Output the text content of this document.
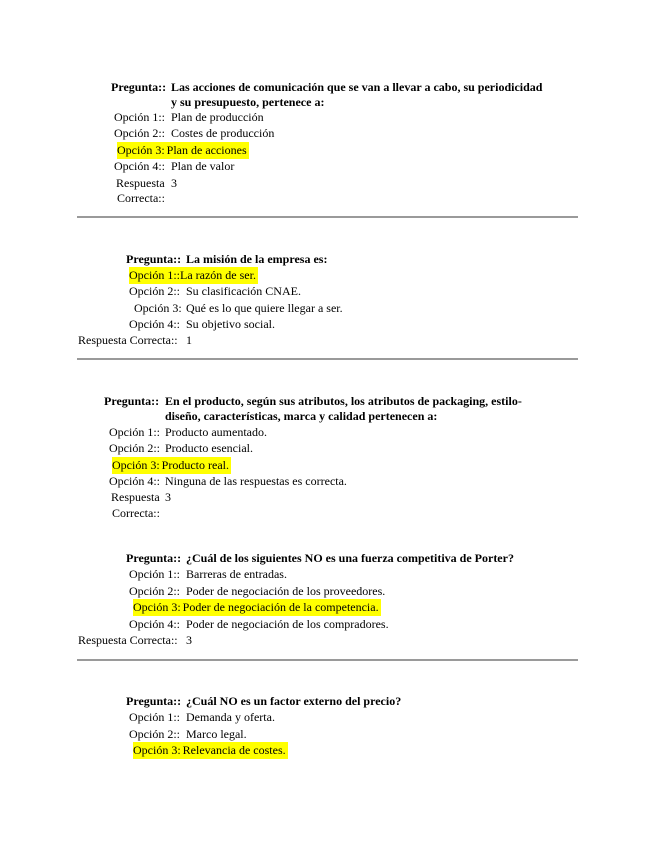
Pregunta:: Las acciones de comunicación que se van a llevar a cabo, su periodicidad
y su presupuesto, pertenece a:
Opción 1:: Plan de producción
Opción 2:: Costes de producción
Opción 3: Plan de acciones
Opción 4:: Plan de valor
Respuesta 3
Correcta::
Pregunta:: La misión de la empresa es:
Opción 1::La razón de ser.
Opción 2:: Su clasificación CNAE.
Opción 3: Qué es lo que quiere llegar a ser.
Opción 4:: Su objetivo social.
Respuesta Correcta:: 1
Pregunta:: En el producto, según sus atributos, los atributos de packaging, estilo-
diseño, características, marca y calidad pertenecen a:
Opción 1:: Producto aumentado.
Opción 2:: Producto esencial.
Opción 3: Producto real.
Opción 4:: Ninguna de las respuestas es correcta.
Respuesta 3
Correcta::
Pregunta:: ¿Cuál de los siguientes NO es una fuerza competitiva de Porter?
Opción 1:: Barreras de entradas.
Opción 2:: Poder de negociación de los proveedores.
Opción 3: Poder de negociación de la competencia.
Opción 4:: Poder de negociación de los compradores.
Respuesta Correcta:: 3
Pregunta:: ¿Cuál NO es un factor externo del precio?
Opción 1:: Demanda y oferta.
Opción 2:: Marco legal.
Opción 3: Relevancia de costes.
